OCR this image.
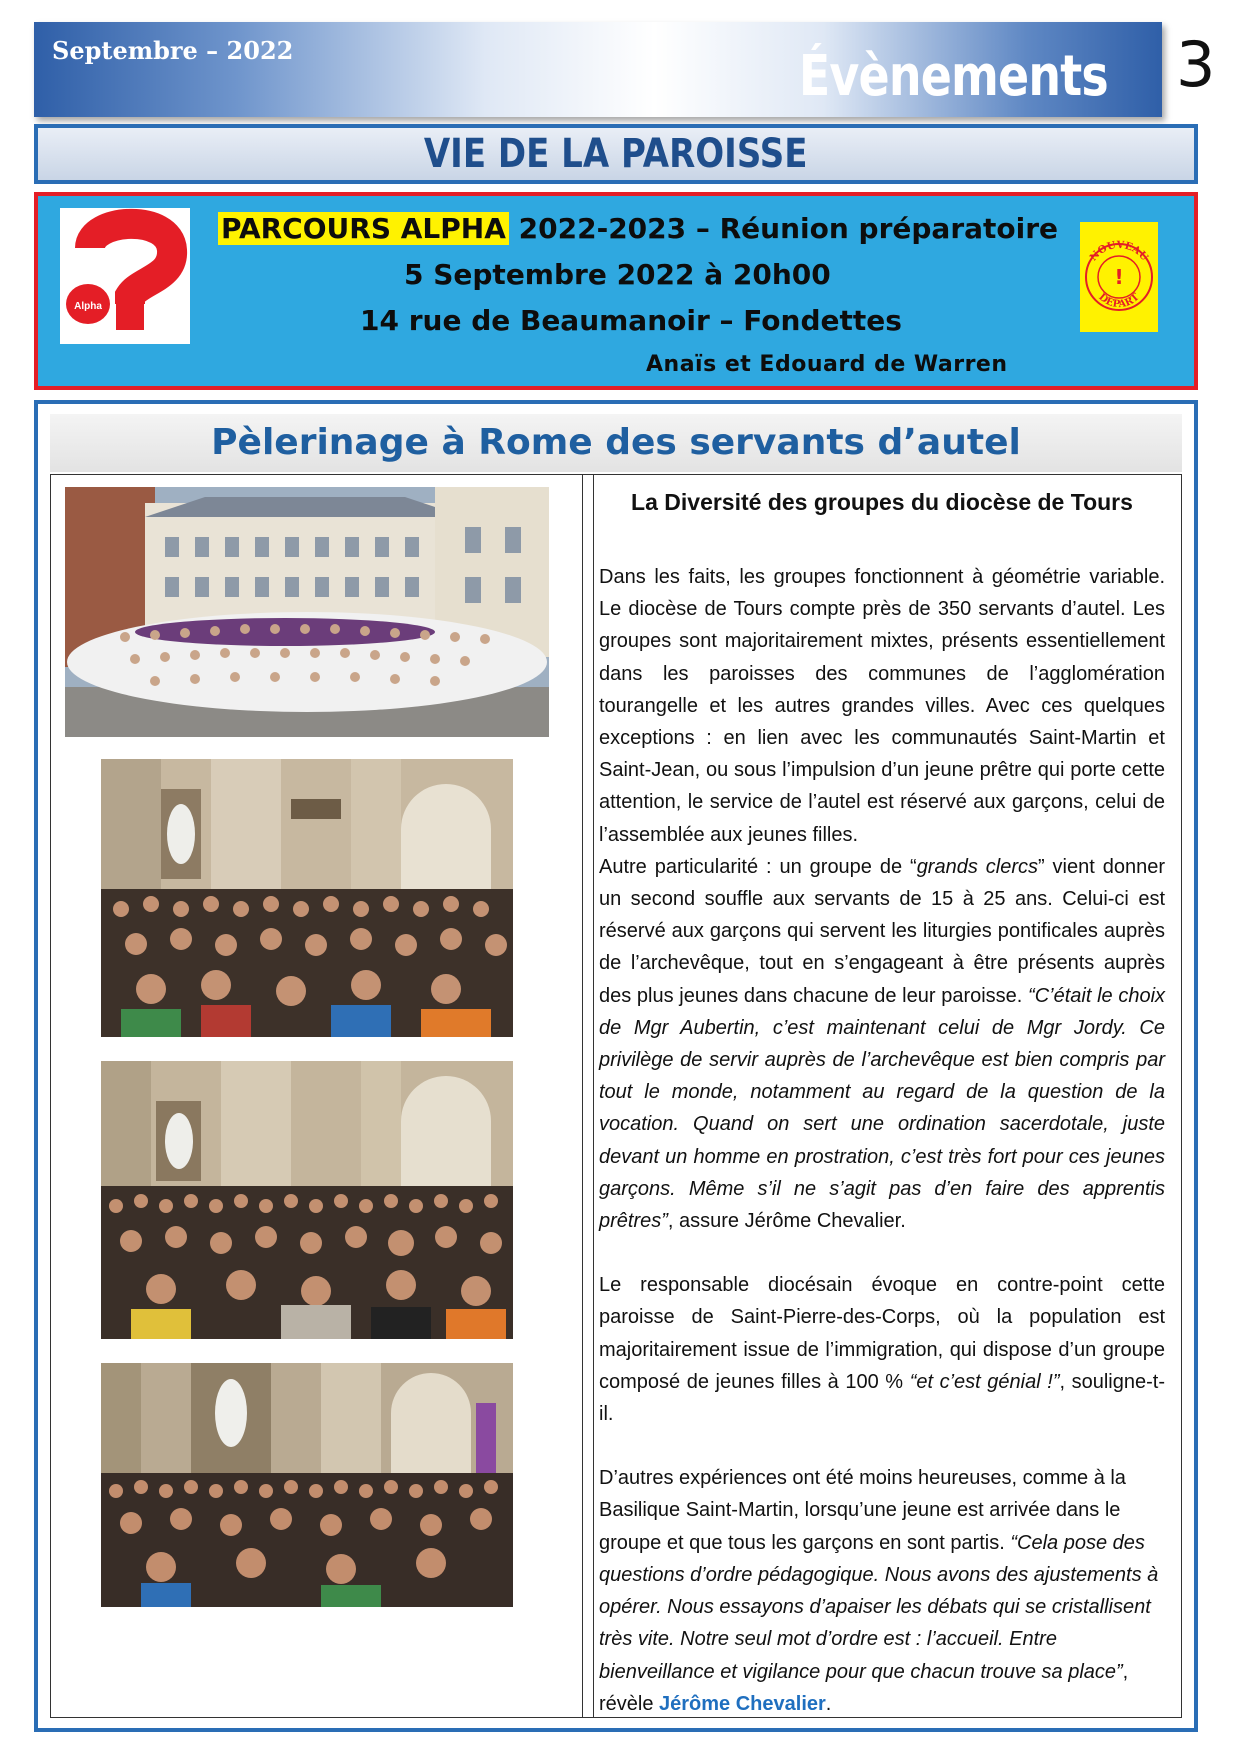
Septembre – 2022	Évènements 3
VIE DE LA PAROISSE
Alpha
PARCOURS ALPHA 2022-2023 – Réunion préparatoire
5 Septembre 2022 à 20h00
14 rue de Beaumanoir – Fondettes
Anaïs et Edouard de Warren
NOUVEAU
DÉPART
!
Pèlerinage à Rome des servants d’autel
La Diversité des groupes du diocèse de Tours

Dans les faits, les groupes fonctionnent à géométrie variable. Le diocèse de Tours compte près de 350 servants d’autel. Les groupes sont majoritairement mixtes, présents essentiellement dans les paroisses des communes de l’agglomération tourangelle et les autres grandes villes. Avec ces quelques exceptions : en lien avec les communautés Saint-Martin et Saint-Jean, ou sous l’impulsion d’un jeune prêtre qui porte cette attention, le service de l’autel est réservé aux garçons, celui de l’assemblée aux jeunes filles.

Autre particularité : un groupe de “grands clercs” vient donner un second souffle aux servants de 15 à 25 ans. Celui-ci est réservé aux garçons qui servent les liturgies pontificales auprès de l’archevêque, tout en s’engageant à être présents auprès des plus jeunes dans chacune de leur paroisse. “C’était le choix de Mgr Aubertin, c’est maintenant celui de Mgr Jordy. Ce privilège de servir auprès de l’archevêque est bien compris par tout le monde, notamment au regard de la question de la vocation. Quand on sert une ordination sacerdotale, juste devant un homme en prostration, c’est très fort pour ces jeunes garçons. Même s’il ne s’agit pas d’en faire des apprentis prêtres”, assure Jérôme Chevalier.

Le responsable diocésain évoque en contre-point cette paroisse de Saint-Pierre-des-Corps, où la population est majoritairement issue de l’immigration, qui dispose d’un groupe composé de jeunes filles à 100 % “et c’est génial !”, souligne-t-il.

D’autres expériences ont été moins heureuses, comme à la Basilique Saint-Martin, lorsqu’une jeune est arrivée dans le groupe et que tous les garçons en sont partis. “Cela pose des questions d’ordre pédagogique. Nous avons des ajustements à opérer. Nous essayons d’apaiser les débats qui se cristallisent très vite. Notre seul mot d’ordre est : l’accueil. Entre bienveillance et vigilance pour que chacun trouve sa place”, révèle Jérôme Chevalier.
